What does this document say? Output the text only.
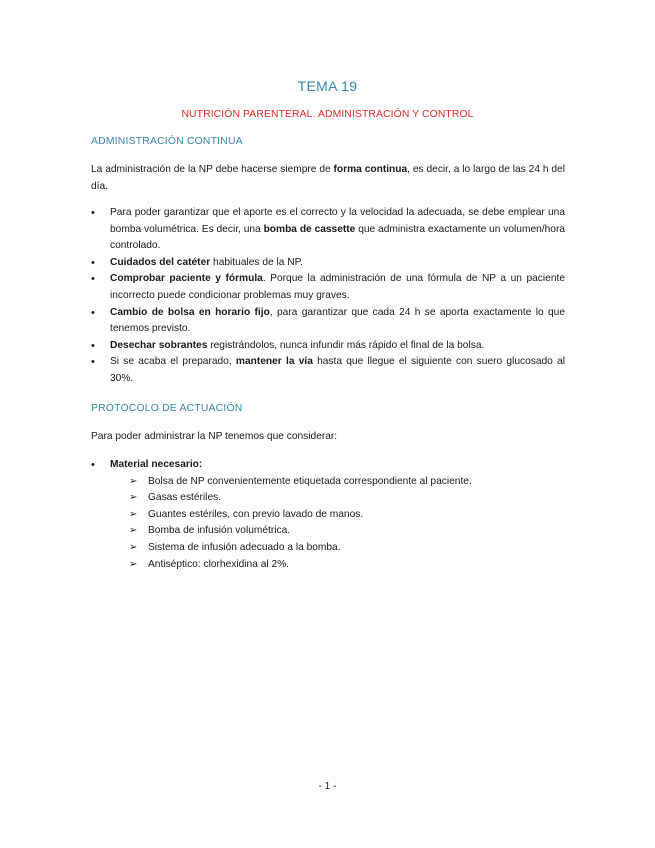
TEMA 19
NUTRICIÓN PARENTERAL. ADMINISTRACIÓN Y CONTROL
ADMINISTRACIÓN CONTINUA
La administración de la NP debe hacerse siempre de forma continua, es decir, a lo largo de las 24 h del día.
• Para poder garantizar que el aporte es el correcto y la velocidad la adecuada, se debe emplear una bomba volumétrica. Es decir, una bomba de cassette que administra exactamente un volumen/hora controlado.
• Cuidados del catéter habituales de la NP.
• Comprobar paciente y fórmula. Porque la administración de una fórmula de NP a un paciente incorrecto puede condicionar problemas muy graves.
• Cambio de bolsa en horario fijo, para garantizar que cada 24 h se aporta exactamente lo que tenemos previsto.
• Desechar sobrantes registrándolos, nunca infundir más rápido el final de la bolsa.
• Si se acaba el preparado, mantener la vía hasta que llegue el siguiente con suero glucosado al 30%.
PROTOCOLO DE ACTUACIÓN
Para poder administrar la NP tenemos que considerar:
• Material necesario:
➢ Bolsa de NP convenientemente etiquetada correspondiente al paciente.
➢ Gasas estériles.
➢ Guantes estériles, con previo lavado de manos.
➢ Bomba de infusión volumétrica.
➢ Sistema de infusión adecuado a la bomba.
➢ Antiséptico: clorhexidina al 2%.
- 1 -
